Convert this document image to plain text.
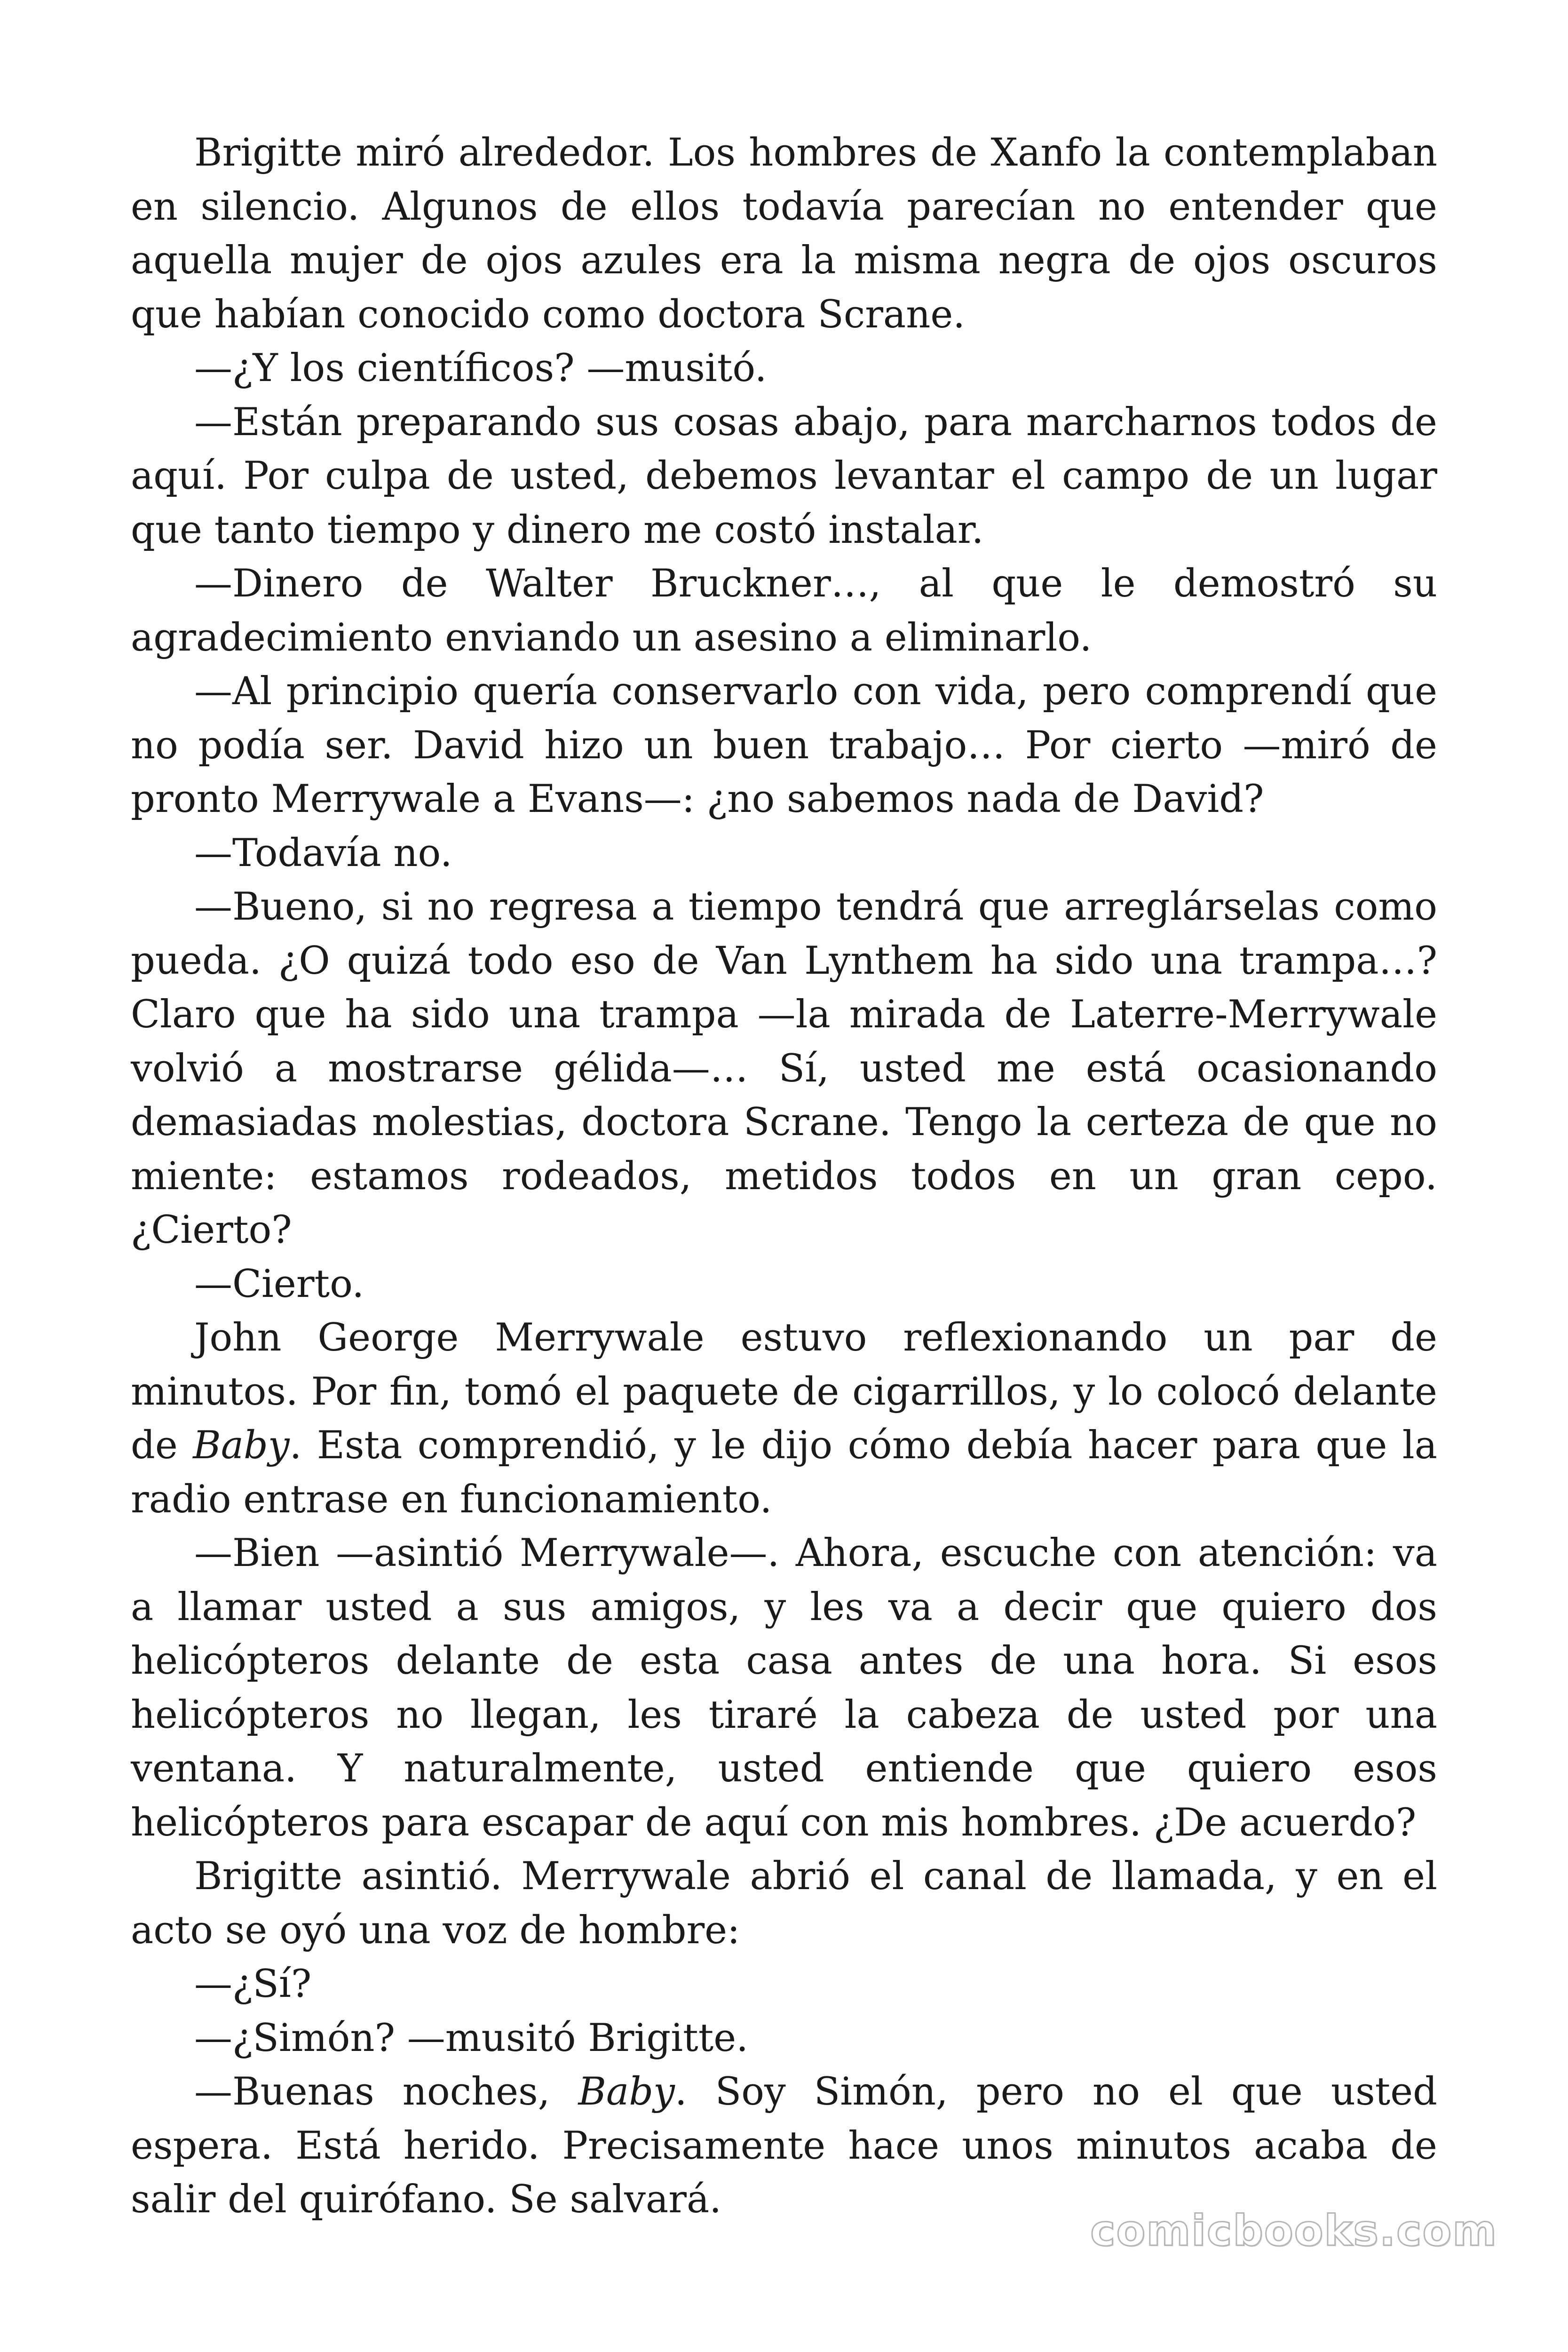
Brigitte miró alrededor. Los hombres de Xanfo la contemplaban en silencio. Algunos de ellos todavía parecían no entender que aquella mujer de ojos azules era la misma negra de ojos oscuros que habían conocido como doctora Scrane.

—¿Y los científicos? —musitó.

—Están preparando sus cosas abajo, para marcharnos todos de aquí. Por culpa de usted, debemos levantar el campo de un lugar que tanto tiempo y dinero me costó instalar.

—Dinero de Walter Bruckner…, al que le demostró su agradecimiento enviando un asesino a eliminarlo.

—Al principio quería conservarlo con vida, pero comprendí que no podía ser. David hizo un buen trabajo… Por cierto —miró de pronto Merrywale a Evans—: ¿no sabemos nada de David?

—Todavía no.

—Bueno, si no regresa a tiempo tendrá que arreglárselas como pueda. ¿O quizá todo eso de Van Lynthem ha sido una trampa…? Claro que ha sido una trampa —la mirada de Laterre-Merrywale volvió a mostrarse gélida—… Sí, usted me está ocasionando demasiadas molestias, doctora Scrane. Tengo la certeza de que no miente: estamos rodeados, metidos todos en un gran cepo. ¿Cierto?

—Cierto.

John George Merrywale estuvo reflexionando un par de minutos. Por fin, tomó el paquete de cigarrillos, y lo colocó delante de Baby. Esta comprendió, y le dijo cómo debía hacer para que la radio entrase en funcionamiento.

—Bien —asintió Merrywale—. Ahora, escuche con atención: va a llamar usted a sus amigos, y les va a decir que quiero dos helicópteros delante de esta casa antes de una hora. Si esos helicópteros no llegan, les tiraré la cabeza de usted por una ventana. Y naturalmente, usted entiende que quiero esos helicópteros para escapar de aquí con mis hombres. ¿De acuerdo?

Brigitte asintió. Merrywale abrió el canal de llamada, y en el acto se oyó una voz de hombre:

—¿Sí?

—¿Simón? —musitó Brigitte.

—Buenas noches, Baby. Soy Simón, pero no el que usted espera. Está herido. Precisamente hace unos minutos acaba de salir del quirófano. Se salvará.

comicbooks.com
